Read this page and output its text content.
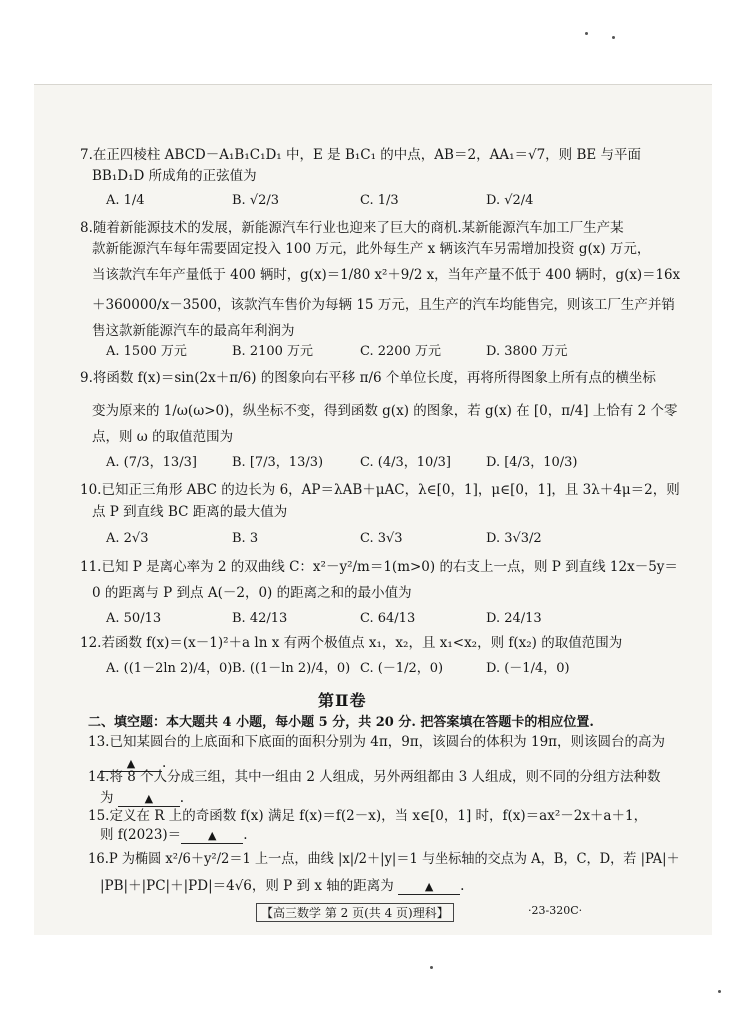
7.在正四棱柱 ABCD－A₁B₁C₁D₁ 中，E 是 B₁C₁ 的中点，AB＝2，AA₁＝√7，则 BE 与平面
BB₁D₁D 所成角的正弦值为
A. 1/4	B. √2/3	C. 1/3	D. √2/4
8.随着新能源技术的发展，新能源汽车行业也迎来了巨大的商机.某新能源汽车加工厂生产某
款新能源汽车每年需要固定投入 100 万元，此外每生产 x 辆该汽车另需增加投资 g(x) 万元，
当该款汽车年产量低于 400 辆时，g(x)＝1/80 x²＋9/2 x，当年产量不低于 400 辆时，g(x)＝16x
＋360000/x－3500，该款汽车售价为每辆 15 万元，且生产的汽车均能售完，则该工厂生产并销
售这款新能源汽车的最高年利润为
A. 1500 万元	B. 2100 万元	C. 2200 万元	D. 3800 万元
9.将函数 f(x)＝sin(2x＋π/6) 的图象向右平移 π/6 个单位长度，再将所得图象上所有点的横坐标
变为原来的 1/ω(ω>0)，纵坐标不变，得到函数 g(x) 的图象，若 g(x) 在 [0，π/4] 上恰有 2 个零
点，则 ω 的取值范围为
A. (7/3，13/3]	B. [7/3，13/3)	C. (4/3，10/3]	D. [4/3，10/3)
10.已知正三角形 ABC 的边长为 6，AP＝λAB＋μAC，λ∈[0，1]，μ∈[0，1]，且 3λ＋4μ＝2，则
点 P 到直线 BC 距离的最大值为
A. 2√3	B. 3	C. 3√3	D. 3√3/2
11.已知 P 是离心率为 2 的双曲线 C：x²－y²/m＝1(m>0) 的右支上一点，则 P 到直线 12x－5y＝
0 的距离与 P 到点 A(－2，0) 的距离之和的最小值为
A. 50/13	B. 42/13	C. 64/13	D. 24/13
12.若函数 f(x)＝(x－1)²＋a ln x 有两个极值点 x₁，x₂，且 x₁<x₂，则 f(x₂) 的取值范围为
A. ((1－2ln 2)/4，0) B. ((1－ln 2)/4，0) C. (－1/2，0)	D. (－1/4，0)
第Ⅱ卷
二、填空题：本大题共 4 小题，每小题 5 分，共 20 分. 把答案填在答题卡的相应位置.
13.已知某圆台的上底面和下底面的面积分别为 4π，9π，该圆台的体积为 19π，则该圆台的高为
▲ .
14.将 8 个人分成三组，其中一组由 2 人组成，另外两组都由 3 人组成，则不同的分组方法种数
为	▲ .
15.定义在 R 上的奇函数 f(x) 满足 f(x)＝f(2－x)，当 x∈[0，1] 时，f(x)＝ax²－2x＋a＋1，
则 f(2023)＝ ▲ .
16.P 为椭圆 x²/6＋y²/2＝1 上一点，曲线 |x|/2＋|y|＝1 与坐标轴的交点为 A，B，C，D，若 |PA|＋
|PB|＋|PC|＋|PD|＝4√6，则 P 到 x 轴的距离为	▲ .
【高三数学 第 2 页(共 4 页)理科】	·23-320C·
